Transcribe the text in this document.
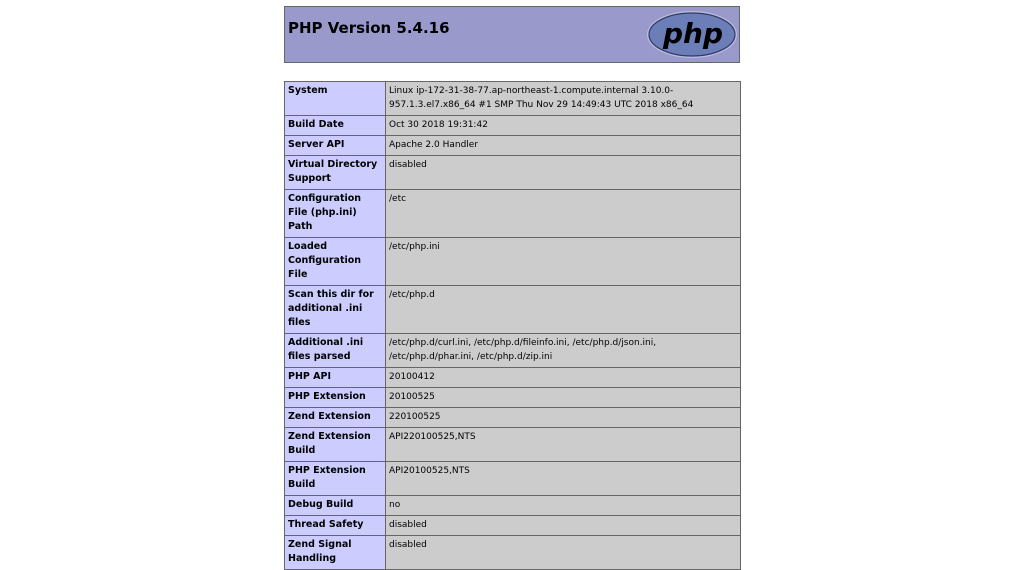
PHP Version 5.4.16	php
System	Linux ip-172-31-38-77.ap-northeast-1.compute.internal 3.10.0-957.1.3.el7.x86_64 #1 SMP Thu Nov 29 14:49:43 UTC 2018 x86_64
Build Date	Oct 30 2018 19:31:42
Server API	Apache 2.0 Handler
Virtual Directory Support	disabled
Configuration File (php.ini) Path	/etc
Loaded Configuration File	/etc/php.ini
Scan this dir for additional .ini files	/etc/php.d
Additional .ini files parsed	/etc/php.d/curl.ini, /etc/php.d/fileinfo.ini, /etc/php.d/json.ini, /etc/php.d/phar.ini, /etc/php.d/zip.ini
PHP API	20100412
PHP Extension	20100525
Zend Extension	220100525
Zend Extension Build	API220100525,NTS
PHP Extension Build	API20100525,NTS
Debug Build	no
Thread Safety	disabled
Zend Signal Handling	disabled
